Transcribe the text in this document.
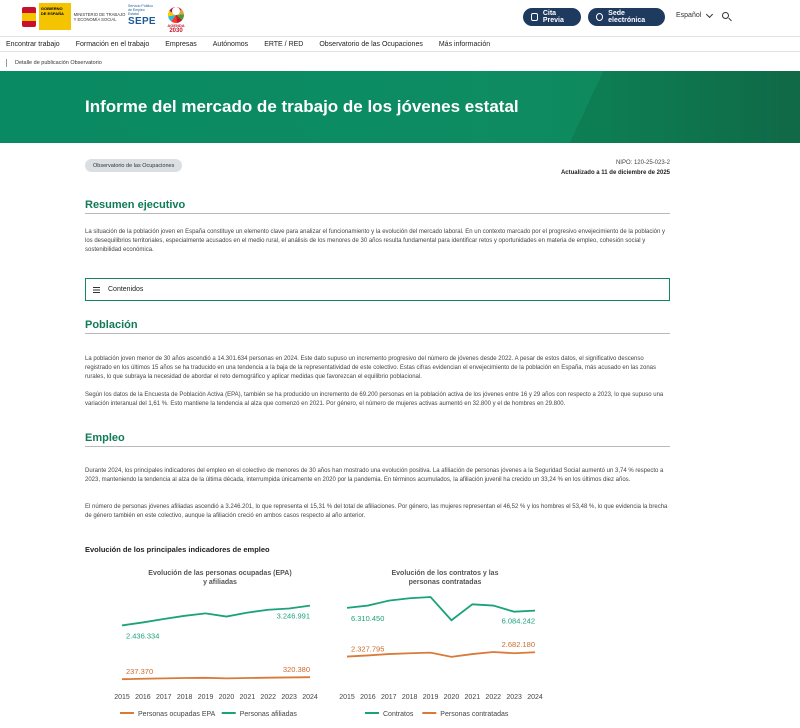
GOBIERNO DE ESPAÑA	MINISTERIO DE TRABAJO Y ECONOMÍA SOCIAL
Servicio Público de Empleo Estatal
SEPE	AGENDA
2030
Cita Previa
Sede electrónica
Español
Encontrar trabajo Formación en el trabajo Empresas Autónomos ERTE / RED Observatorio de las Ocupaciones Más información
Detalle de publicación Observatorio
Informe del mercado de trabajo de los jóvenes estatal
Observatorio de las Ocupaciones	NIPO: 120-25-023-2
Actualizado a 11 de diciembre de 2025
Resumen ejecutivo
La situación de la población joven en España constituye un elemento clave para analizar el funcionamiento y la evolución del mercado laboral. En un contexto marcado por el progresivo envejecimiento de la población y los desequilibrios territoriales, especialmente acusados en el medio rural, el análisis de los menores de 30 años resulta fundamental para identificar retos y oportunidades en materia de empleo, cohesión social y sostenibilidad económica.
Contenidos
Población
La población joven menor de 30 años ascendió a 14.301.634 personas en 2024. Este dato supuso un incremento progresivo del número de jóvenes desde 2022. A pesar de estos datos, el significativo descenso registrado en los últimos 15 años se ha traducido en una tendencia a la baja de la representatividad de este colectivo. Estas cifras evidencian el envejecimiento de la población en España, más acusado en las zonas rurales, lo que subraya la necesidad de abordar el reto demográfico y aplicar medidas que favorezcan el equilibrio poblacional.
Según los datos de la Encuesta de Población Activa (EPA), también se ha producido un incremento de 69.200 personas en la población activa de los jóvenes entre 16 y 29 años con respecto a 2023, lo que supuso una variación interanual del 1,61 %. Esto mantiene la tendencia al alza que comenzó en 2021. Por género, el número de mujeres activas aumentó en 32.800 y el de hombres en 29.800.
Empleo
Durante 2024, los principales indicadores del empleo en el colectivo de menores de 30 años han mostrado una evolución positiva. La afiliación de personas jóvenes a la Seguridad Social aumentó un 3,74 % respecto a 2023, manteniendo la tendencia al alza de la última década, interrumpida únicamente en 2020 por la pandemia. En términos acumulados, la afiliación juvenil ha crecido un 33,24 % en los últimos diez años.
El número de personas jóvenes afiliadas ascendió a 3.246.201, lo que representa el 15,31 % del total de afiliaciones. Por género, las mujeres representan el 46,52 % y los hombres el 53,48 %, lo que evidencia la brecha de género también en este colectivo, aunque la afiliación creció en ambos casos respecto al año anterior.
Evolución de los principales indicadores de empleo
Evolución de las personas ocupadas (EPA)
y afiliadas
2.436.334
3.246.991
237.370	320.380
2015 2016 2017 2018 2019 2020 2021 2022 2023 2024
Personas ocupadas EPA	Personas afiliadas
Evolución de los contratos y las
personas contratadas
6.310.450	6.084.242
2.327.795	2.682.180
2015 2016 2017 2018 2019 2020 2021 2022 2023 2024
Contratos	Personas contratadas
